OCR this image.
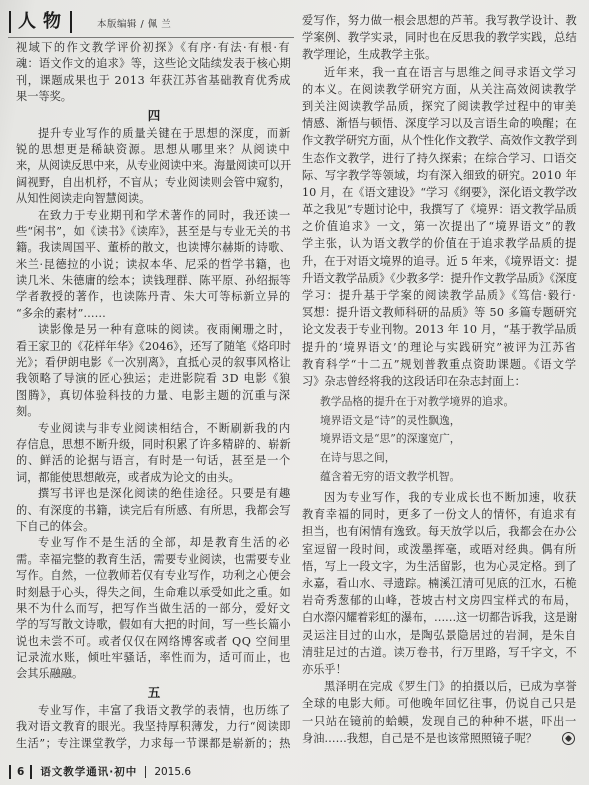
人物	本版编辑 / 佩 兰
视域下的作文教学评价初探》《有序·有法·有根·有
魂：语文作文的追求》等，这些论文陆续发表于核心期
刊，课题成果也于 2013 年获江苏省基础教育优秀成
果一等奖。
四
提升专业写作的质量关键在于思想的深度，而新
锐的思想更是稀缺资源。思想从哪里来？从阅读中
来，从阅读反思中来，从专业阅读中来。海量阅读可以开
阔视野，自出机杼，不盲从；专业阅读则会管中窥豹，
从知性阅读走向智慧阅读。
在致力于专业期刊和学术著作的同时，我还读一
些“闲书”，如《读书》《读库》，甚至是与专业无关的书
籍。我读周国平、董桥的散文，也读博尔赫斯的诗歌、
米兰·昆德拉的小说；读叔本华、尼采的哲学书籍，也
读几米、朱德庸的绘本；读钱理群、陈平原、孙绍振等
学者教授的著作，也读陈丹青、朱大可等标新立异的
“多余的素材”……
读影像是另一种有意味的阅读。夜雨阑珊之时，
看王家卫的《花样年华》《2046》，还写了随笔《烙印时
光》；看伊朗电影《一次别离》，直抵心灵的叙事风格让
我领略了导演的匠心独运；走进影院看 3D 电影《狼
图腾》，真切体验科技的力量、电影主题的沉重与深
刻。
专业阅读与非专业阅读相结合，不断刷新我的内
存信息，思想不断升级，同时积累了许多精辟的、崭新
的、鲜活的论据与语言，有时是一句话，甚至是一个
词，都能使思想敞亮，或者成为论文的由头。
撰写书评也是深化阅读的绝佳途径。只要是有趣
的、有深度的书籍，读完后有所感、有所思，我都会写
下自己的体会。
专业写作不是生活的全部，却是教育生活的必
需。幸福完整的教育生活，需要专业阅读，也需要专业
写作。自然，一位教师若仅有专业写作，功利之心便会
时刻悬于心头，得失之间，生命难以承受如此之重。如
果不为什么而写，把写作当做生活的一部分，爱好文
学的写写散文诗歌，假如有大把的时间，写一些长篇小
说也未尝不可。或者仅仅在网络博客或者 QQ 空间里
记录流水账，倾吐牢骚话，率性而为，适可而止，也
会其乐融融。
五
专业写作，丰富了我语文教学的表情，也历练了
我对语文教育的眼光。我坚持厚积薄发，力行“阅读即
生活”；专注课堂教学，力求每一节课都是崭新的；热
爱写作，努力做一根会思想的芦苇。我写教学设计、教
学案例、教学实录，同时也在反思我的教学实践，总结
教学理论，生成教学主张。
近年来，我一直在语言与思维之间寻求语文学习
的本义。在阅读教学研究方面，从关注高效阅读教学
到关注阅读教学品质，探究了阅读教学过程中的审美
情感、渐悟与顿悟、深度学习以及言语生命的唤醒；在
作文教学研究方面，从个性化作文教学、高效作文教学到
生态作文教学，进行了持久探索；在综合学习、口语交
际、写字教学等领域，均有深入细致的研究。2010 年
10 月，在《语文建设》“学习《纲要》，深化语文教学改
革之我见”专题讨论中，我撰写了《境界：语文教学品质
之价值追求》一文，第一次提出了“境界语文”的教
学主张，认为语文教学的价值在于追求教学品质的提
升，在于对语文境界的追寻。近 5 年来，《境界语文：提
升语文教学品质》《少教多学：提升作文教学品质》《深度
学习：提升基于学案的阅读教学品质》《笃信·毅行·
冥想：提升语文教师科研的品质》等 50 多篇专题研究
论文发表于专业刊物。2013 年 10 月，“基于教学品质
提升的‘境界语文’的理论与实践研究”被评为江苏省
教育科学“十二五”规划普教重点资助课题。《语文学
习》杂志曾经将我的这段话印在杂志封面上：
教学品格的提升在于对教学境界的追求。
境界语文是“诗”的灵性飘逸，
境界语文是“思”的深邃宽广，
在诗与思之间，
蕴含着无穷的语文教学机智。
因为专业写作，我的专业成长也不断加速，收获
教育幸福的同时，更多了一份文人的情怀，有追求有
担当，也有闲情有逸致。每天放学以后，我都会在办公
室逗留一段时间，或泼墨挥毫，或晤对经典。偶有所
悟，写上一段文字，为生活留影，也为心灵定格。到了
永嘉，看山水、寻遗踪。楠溪江清可见底的江水，石桅
岩奇秀葱郁的山峰，苍坡古村文房四宝样式的布局，
白水漈闪耀着彩虹的瀑布，……这一切都告诉我，这是谢
灵运注目过的山水，是陶弘景隐居过的岩洞，是朱自
清驻足过的古道。读万卷书，行万里路，写千字文，不
亦乐乎！
黑泽明在完成《罗生门》的拍摄以后，已成为享誉
全球的电影大师。可他晚年回忆往事，仍说自己只是
一只站在镜前的蛤蟆，发现自己的种种不堪，吓出一
身油……我想，自己是不是也该常照照镜子呢？
6 语文教学通讯·初中 2015.6
